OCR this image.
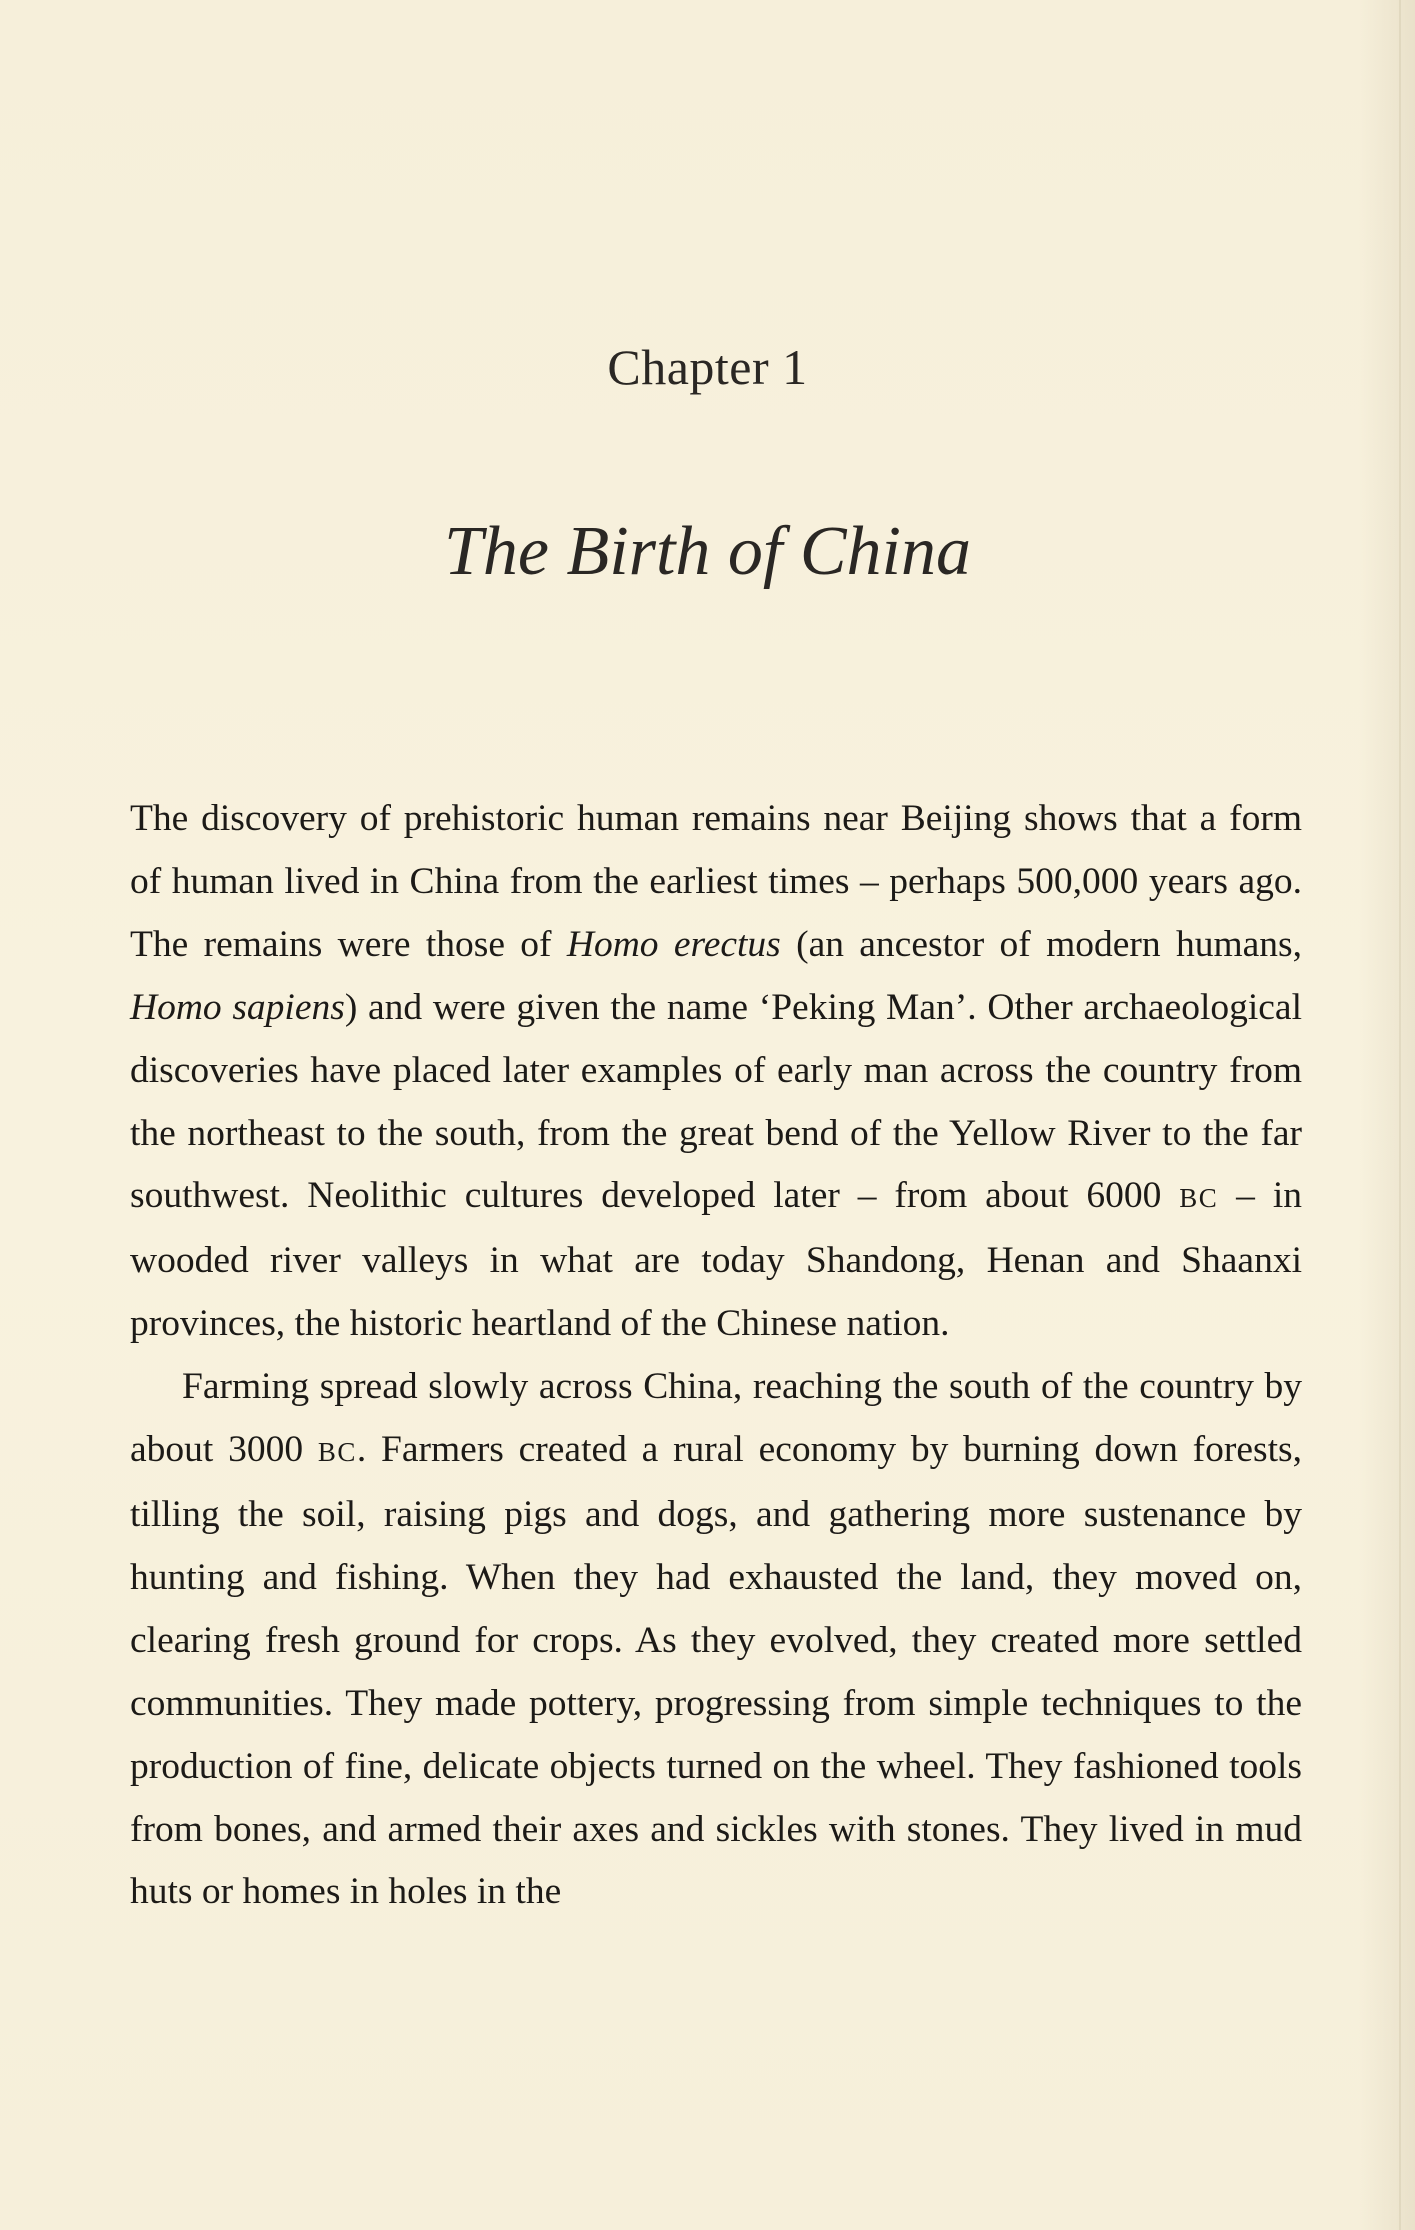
Chapter 1
The Birth of China

The discovery of prehistoric human remains near Beijing shows that a form of human lived in China from the earliest times – perhaps 500,000 years ago. The remains were those of Homo erectus (an ancestor of modern humans, Homo sapiens) and were given the name ‘Peking Man’. Other archaeological discoveries have placed later examples of early man across the country from the northeast to the south, from the great bend of the Yellow River to the far southwest. Neolithic cultures developed later – from about 6000 BC – in wooded river valleys in what are today Shandong, Henan and Shaanxi provinces, the historic heartland of the Chinese nation.

Farming spread slowly across China, reaching the south of the country by about 3000 BC. Farmers created a rural economy by burning down forests, tilling the soil, raising pigs and dogs, and gathering more sustenance by hunting and fishing. When they had exhausted the land, they moved on, clearing fresh ground for crops. As they evolved, they created more settled communities. They made pottery, progressing from simple techniques to the production of fine, delicate objects turned on the wheel. They fashioned tools from bones, and armed their axes and sickles with stones. They lived in mud huts or homes in holes in the
